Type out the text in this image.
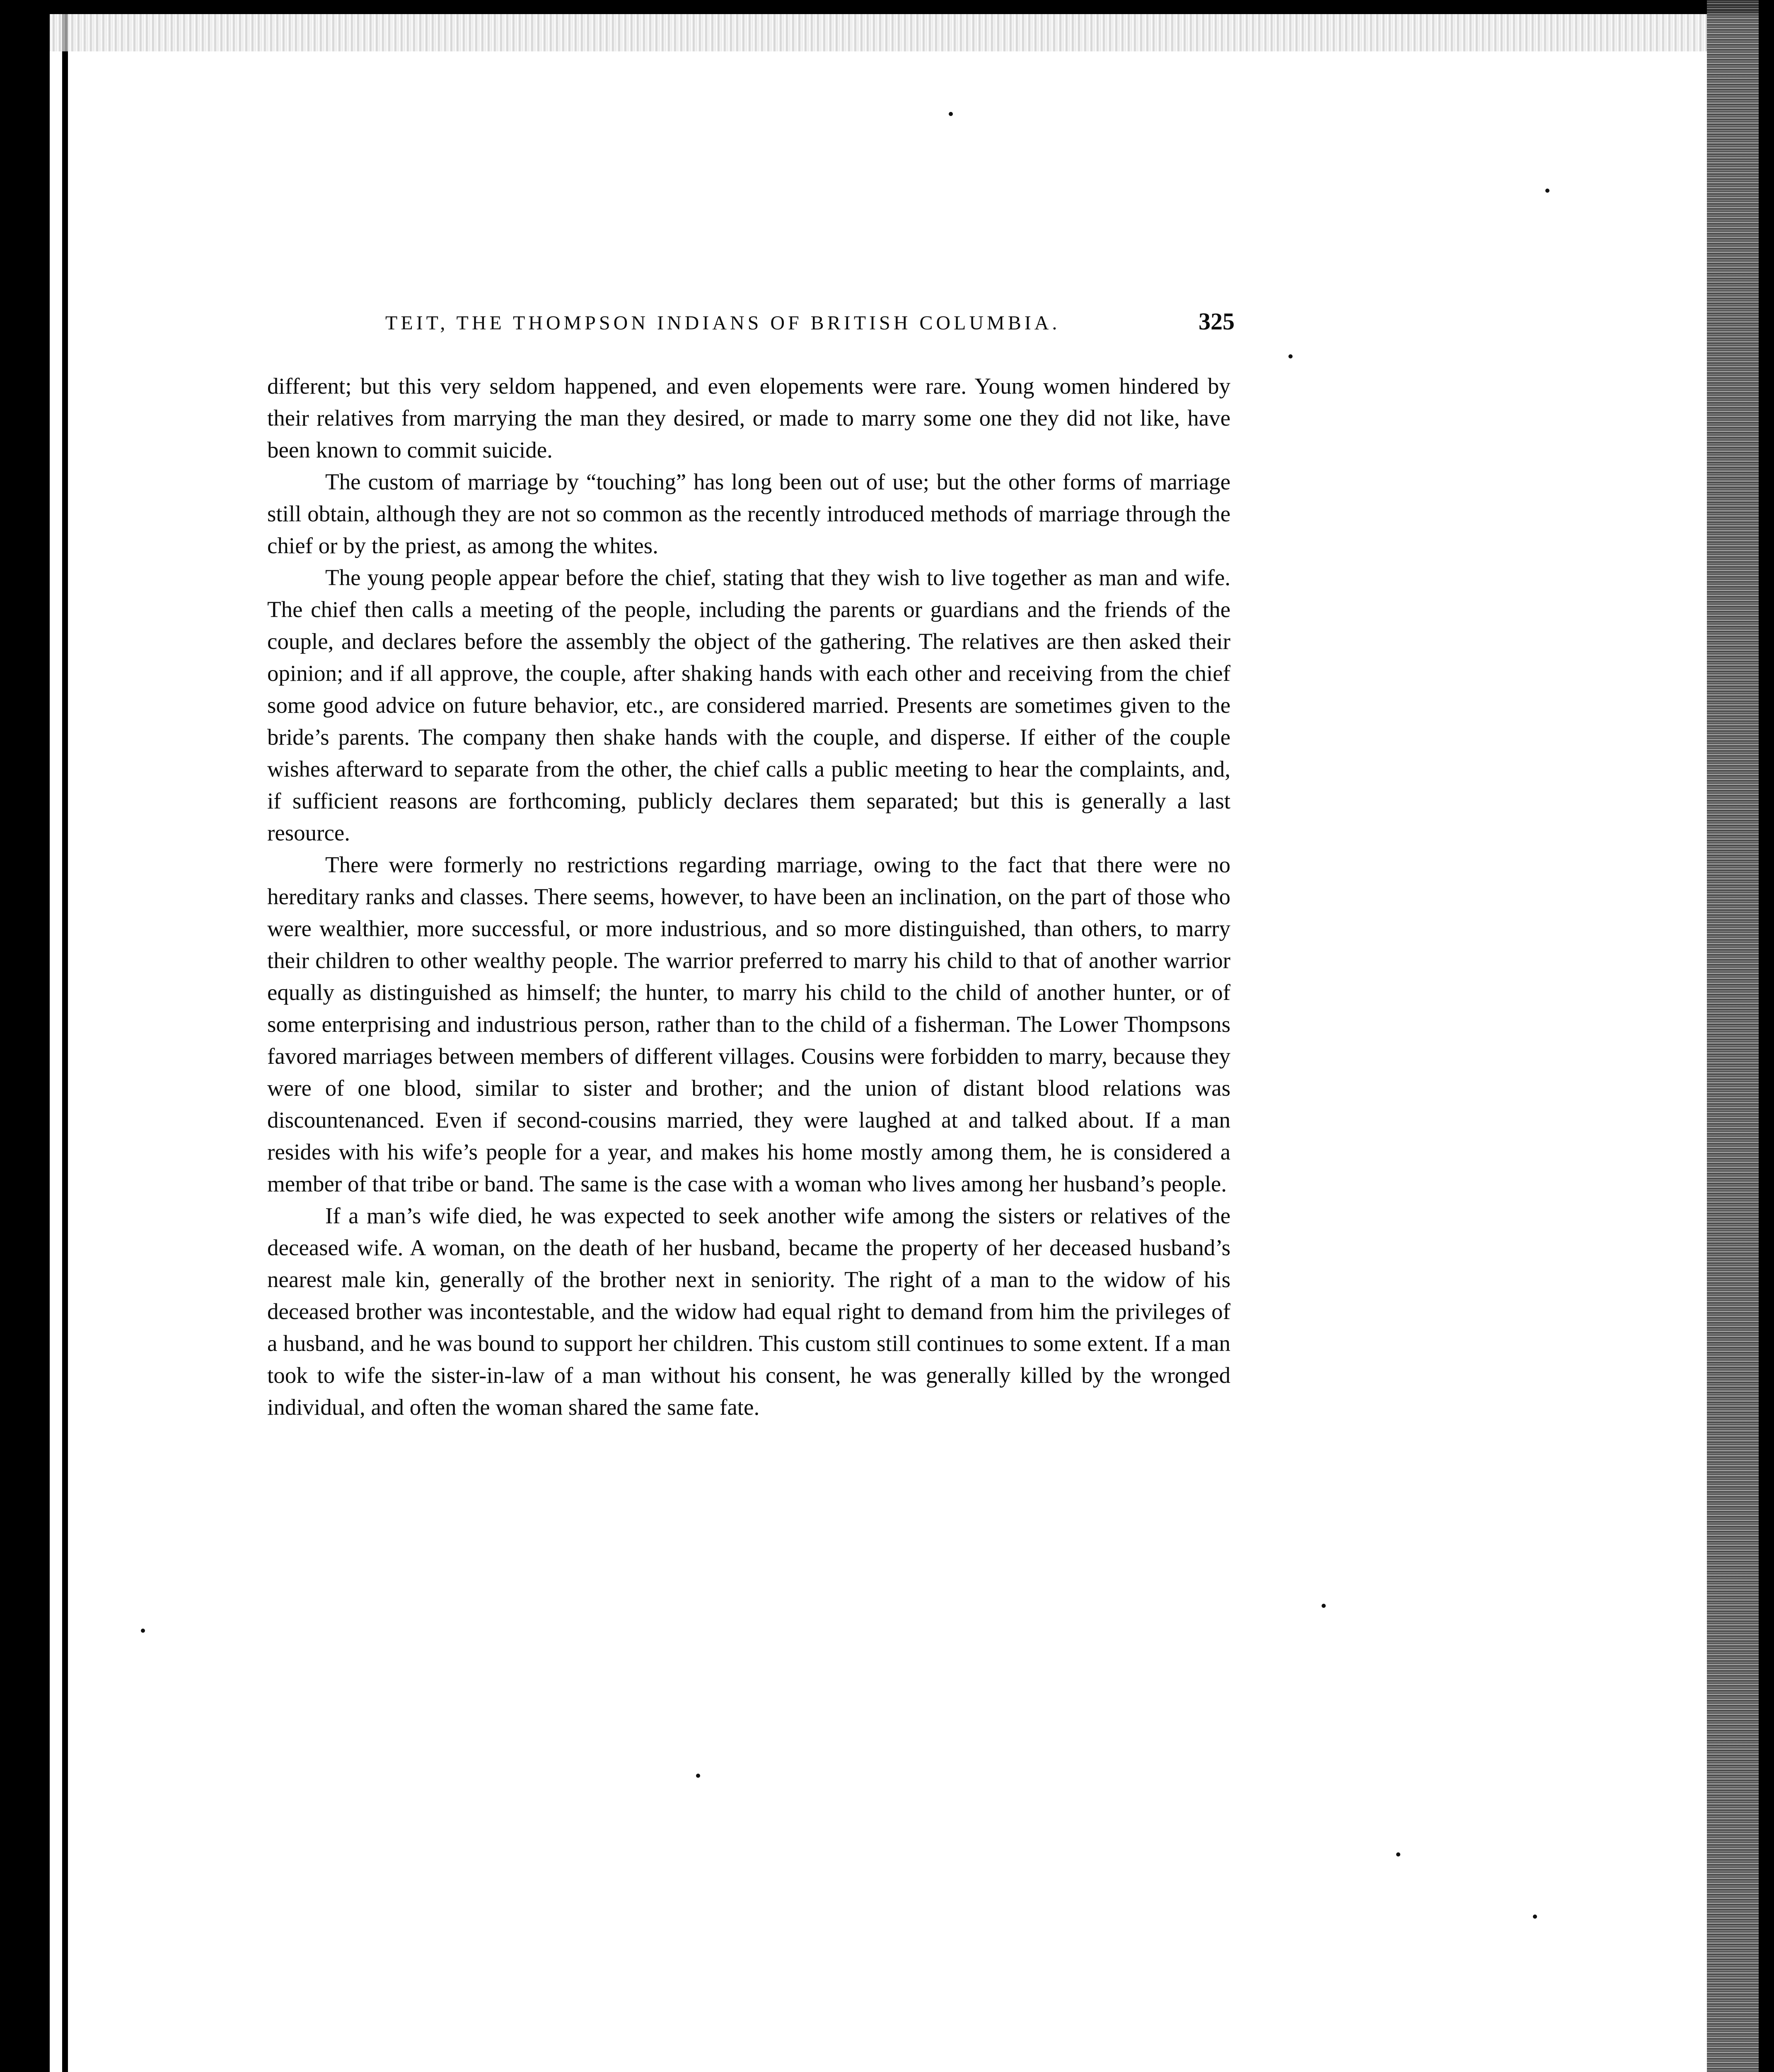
TEIT, THE THOMPSON INDIANS OF BRITISH COLUMBIA.	325

different; but this very seldom happened, and even elopements were rare. Young women hindered by their relatives from marrying the man they desired, or made to marry some one they did not like, have been known to commit suicide.

The custom of marriage by “touching” has long been out of use; but the other forms of marriage still obtain, although they are not so common as the recently introduced methods of marriage through the chief or by the priest, as among the whites.

The young people appear before the chief, stating that they wish to live together as man and wife. The chief then calls a meeting of the people, including the parents or guardians and the friends of the couple, and declares before the assembly the object of the gathering. The relatives are then asked their opinion; and if all approve, the couple, after shaking hands with each other and receiving from the chief some good advice on future behavior, etc., are considered married. Presents are sometimes given to the bride’s parents. The company then shake hands with the couple, and disperse. If either of the couple wishes afterward to separate from the other, the chief calls a public meeting to hear the complaints, and, if sufficient reasons are forthcoming, publicly declares them separated; but this is generally a last resource.

There were formerly no restrictions regarding marriage, owing to the fact that there were no hereditary ranks and classes. There seems, however, to have been an inclination, on the part of those who were wealthier, more successful, or more industrious, and so more distinguished, than others, to marry their children to other wealthy people. The warrior preferred to marry his child to that of another warrior equally as distinguished as himself; the hunter, to marry his child to the child of another hunter, or of some enterprising and industrious person, rather than to the child of a fisherman. The Lower Thompsons favored marriages between members of different villages. Cousins were forbidden to marry, because they were of one blood, similar to sister and brother; and the union of distant blood relations was discountenanced. Even if second-cousins married, they were laughed at and talked about. If a man resides with his wife’s people for a year, and makes his home mostly among them, he is considered a member of that tribe or band. The same is the case with a woman who lives among her husband’s people.

If a man’s wife died, he was expected to seek another wife among the sisters or relatives of the deceased wife. A woman, on the death of her husband, became the property of her deceased husband’s nearest male kin, generally of the brother next in seniority. The right of a man to the widow of his deceased brother was incontestable, and the widow had equal right to demand from him the privileges of a husband, and he was bound to support her children. This custom still continues to some extent. If a man took to wife the sister-in-law of a man without his consent, he was generally killed by the wronged individual, and often the woman shared the same fate.
